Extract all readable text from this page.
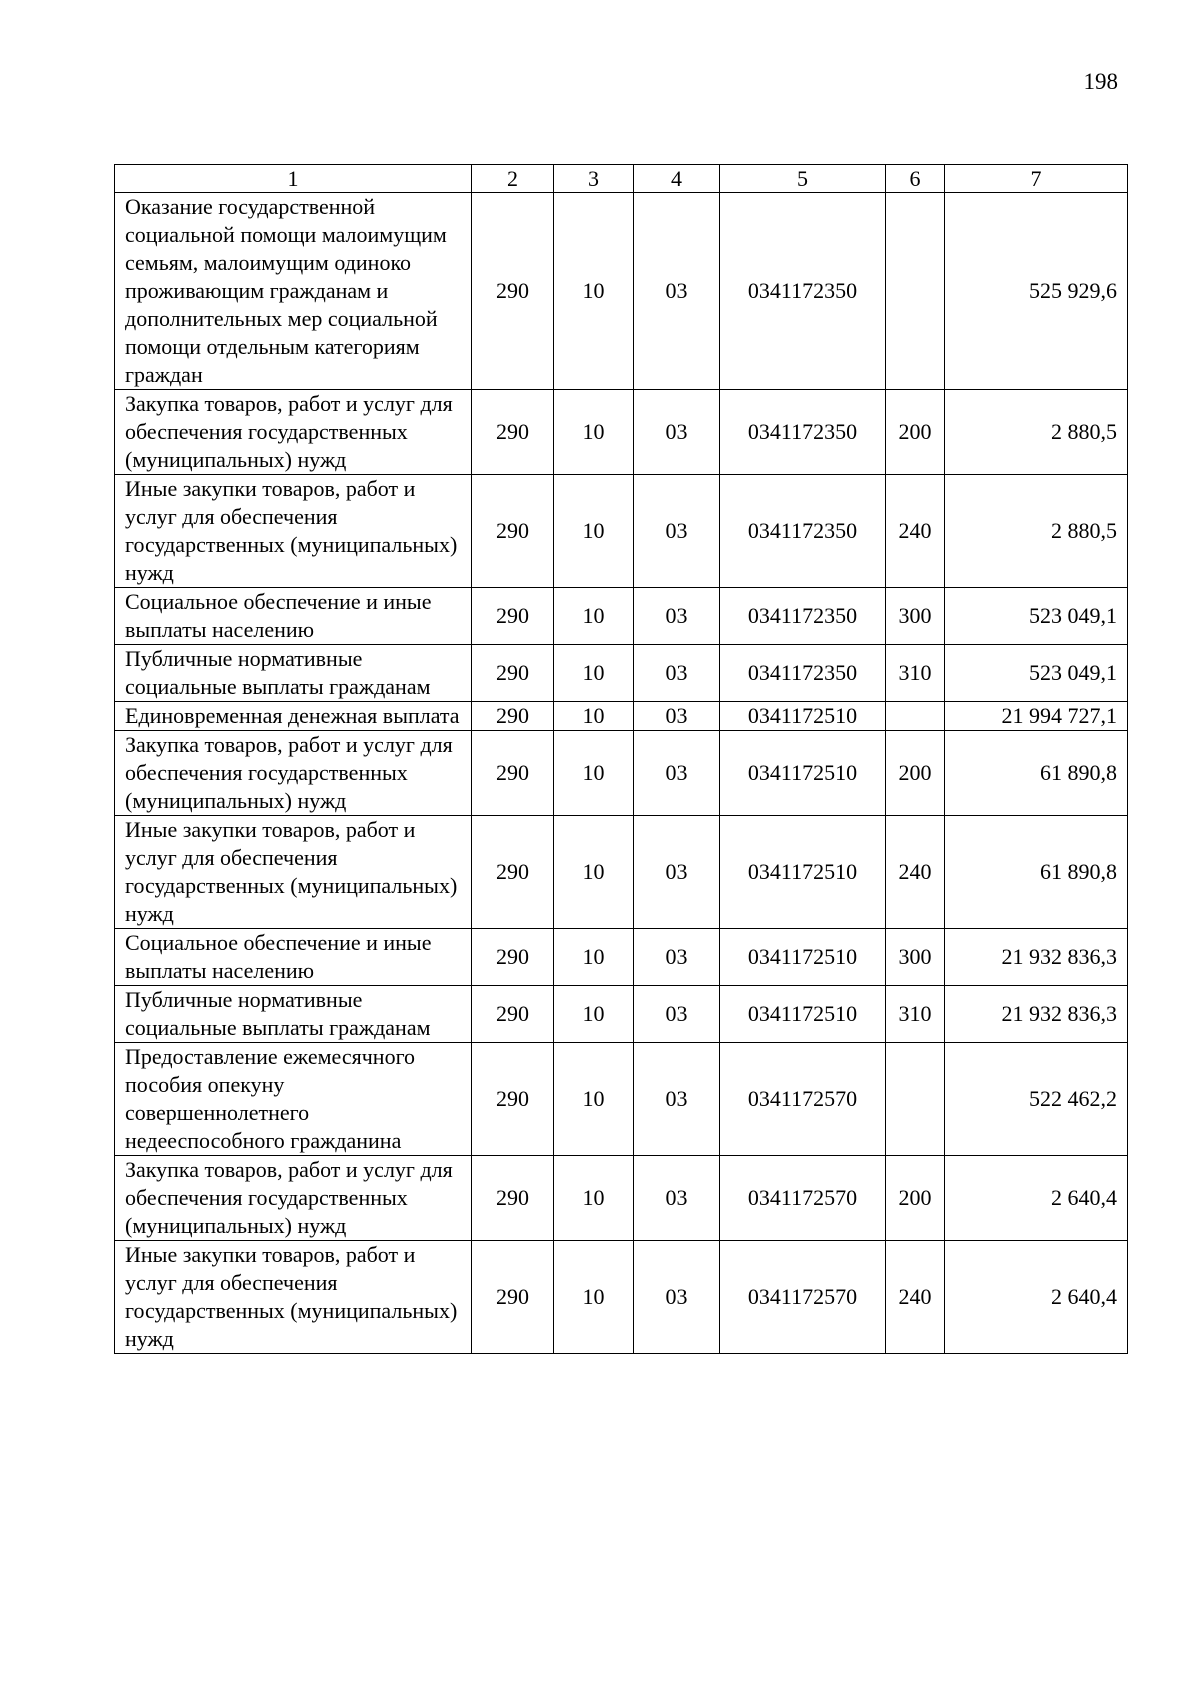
198
1	2	3	4	5	6	7
Оказание государственной социальной помощи малоимущим семьям, малоимущим одиноко проживающим гражданам и дополнительных мер социальной помощи отдельным категориям граждан	290	10	03	0341172350		525 929,6
Закупка товаров, работ и услуг для обеспечения государственных (муниципальных) нужд	290	10	03	0341172350	200	2 880,5
Иные закупки товаров, работ и услуг для обеспечения государственных (муниципальных) нужд	290	10	03	0341172350	240	2 880,5
Социальное обеспечение и иные выплаты населению	290	10	03	0341172350	300	523 049,1
Публичные нормативные социальные выплаты гражданам	290	10	03	0341172350	310	523 049,1
Единовременная денежная выплата	290	10	03	0341172510		21 994 727,1
Закупка товаров, работ и услуг для обеспечения государственных (муниципальных) нужд	290	10	03	0341172510	200	61 890,8
Иные закупки товаров, работ и услуг для обеспечения государственных (муниципальных) нужд	290	10	03	0341172510	240	61 890,8
Социальное обеспечение и иные выплаты населению	290	10	03	0341172510	300	21 932 836,3
Публичные нормативные социальные выплаты гражданам	290	10	03	0341172510	310	21 932 836,3
Предоставление ежемесячного пособия опекуну совершеннолетнего недееспособного гражданина	290	10	03	0341172570		522 462,2
Закупка товаров, работ и услуг для обеспечения государственных (муниципальных) нужд	290	10	03	0341172570	200	2 640,4
Иные закупки товаров, работ и услуг для обеспечения государственных (муниципальных) нужд	290	10	03	0341172570	240	2 640,4
